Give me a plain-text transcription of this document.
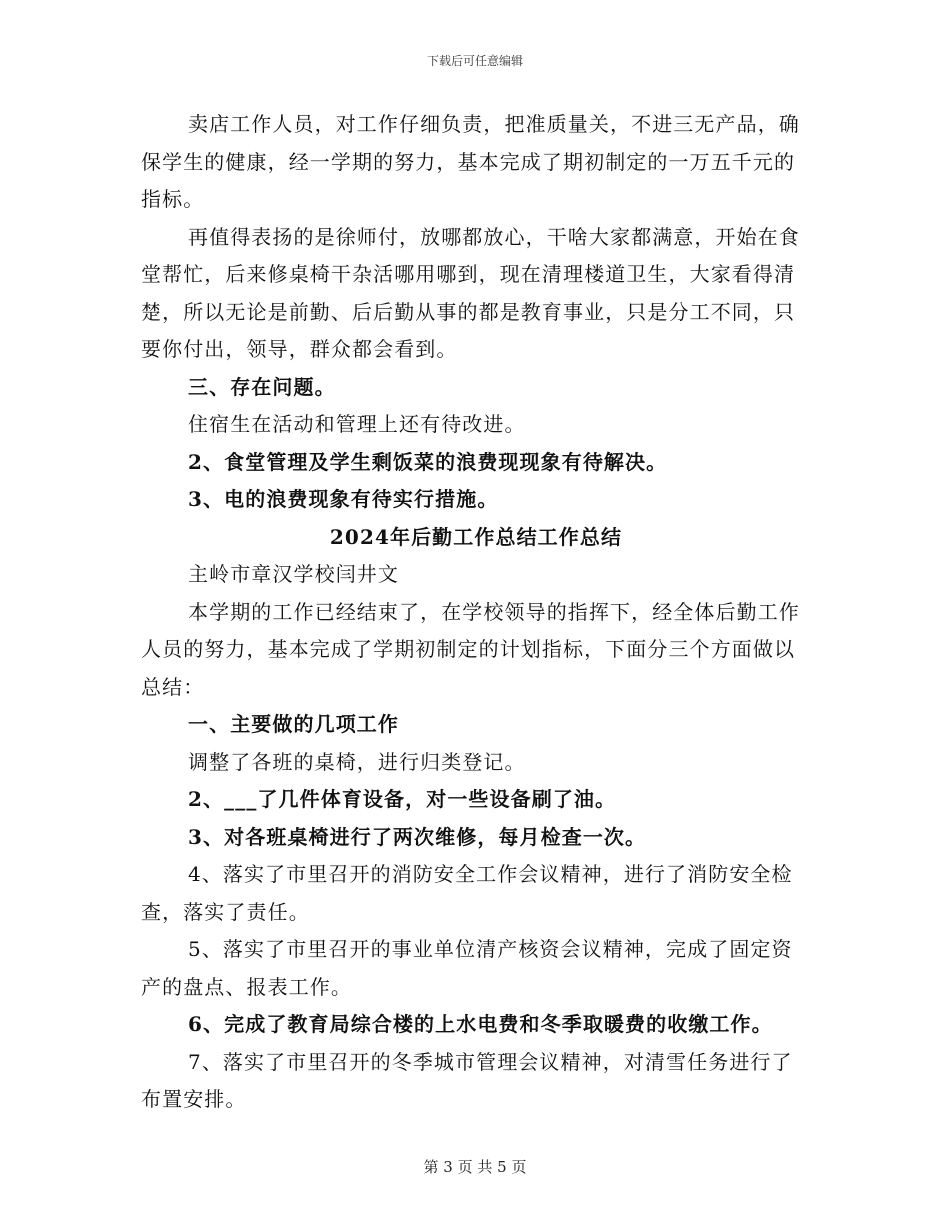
下载后可任意编辑

卖店工作人员，对工作仔细负责，把准质量关，不进三无产品，确保学生的健康，经一学期的努力，基本完成了期初制定的一万五千元的指标。

再值得表扬的是徐师付，放哪都放心，干啥大家都满意，开始在食堂帮忙，后来修桌椅干杂活哪用哪到，现在清理楼道卫生，大家看得清楚，所以无论是前勤、后后勤从事的都是教育事业，只是分工不同，只要你付出，领导，群众都会看到。

三、存在问题。

住宿生在活动和管理上还有待改进。

2、食堂管理及学生剩饭菜的浪费现现象有待解决。

3、电的浪费现象有待实行措施。

2024年后勤工作总结工作总结

主岭市章汉学校闫井文

本学期的工作已经结束了，在学校领导的指挥下，经全体后勤工作人员的努力，基本完成了学期初制定的计划指标，下面分三个方面做以总结：

一、主要做的几项工作

调整了各班的桌椅，进行归类登记。

2、___了几件体育设备，对一些设备刷了油。

3、对各班桌椅进行了两次维修，每月检查一次。

4、落实了市里召开的消防安全工作会议精神，进行了消防安全检查，落实了责任。

5、落实了市里召开的事业单位清产核资会议精神，完成了固定资产的盘点、报表工作。

6、完成了教育局综合楼的上水电费和冬季取暖费的收缴工作。

7、落实了市里召开的冬季城市管理会议精神，对清雪任务进行了布置安排。

第 3 页 共 5 页
